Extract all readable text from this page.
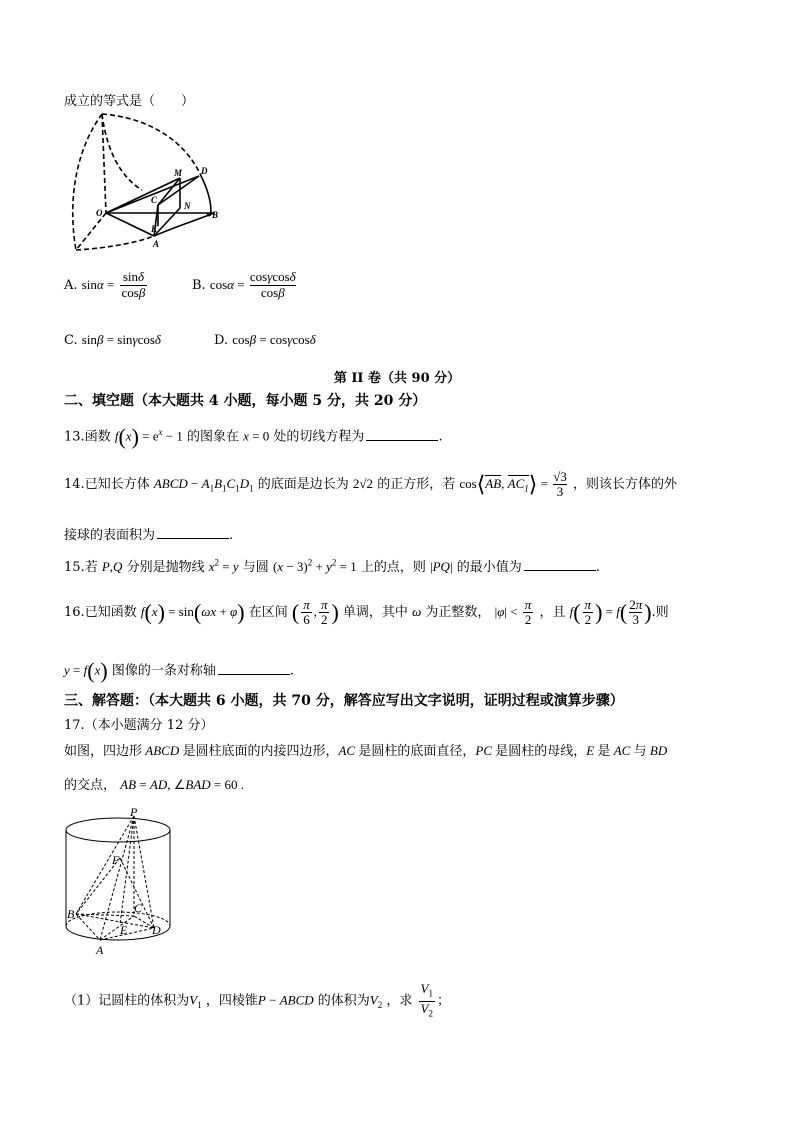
成立的等式是（　　）
M D
C
O
N
B
K
A
A. $\sin\alpha = \frac{\sin\delta}{\cos\beta}$	B. $\cos\alpha = \frac{\cos\gamma\cos\delta}{\cos\beta}$
C. sinβ = sinγcosδ	D. cosβ = cosγcosδ
第 II 卷（共 90 分）
二、填空题（本大题共 4 小题，每小题 5 分，共 20 分）
13.函数 $f(x) = e^x - 1$ 的图象在 x = 0 处的切线方程为	.
14.已知长方体 ABCD − $A_1B_1C_1D_1$ 的底面是边长为 2√2 的正方形，若 cos⟨AB, $AC_1⟩ = \frac{√3}{3}$ ，则该长方体的外
接球的表面积为	.
15.若 P,Q 分别是抛物线 $x^2 = y$ 与圆 $(x - 3)^2 + y^2 = 1$ 上的点，则 |PQ| 的最小值为	.
16.已知函数 f(x) = sin(ωx + φ) 在区间 ( $\frac{\pi}{6}$ , $\frac{\pi}{2}$ ) 单调，其中 ω 为正整数， $|\varphi| < \frac{\pi}{2}$ ，且 $f( \frac{\pi}{2}$ ) = $f( \frac{2\pi}{3}$ ).则
y = f(x) 图像的一条对称轴	.
三、解答题：（本大题共 6 小题，共 70 分，解答应写出文字说明，证明过程或演算步骤）
17.（本小题满分 12 分）
如图，四边形 ABCD 是圆柱底面的内接四边形，AC 是圆柱的底面直径，PC 是圆柱的母线，E 是 AC 与 BD
的交点， AB = AD, ∠BAD = 60 .
P
F
B	C
E D
A
（1）记圆柱的体积为$V_1$ ，四棱锥P − ABCD 的体积为$V_2$ ，求 $\frac{V_1}{V_2}$ ；
